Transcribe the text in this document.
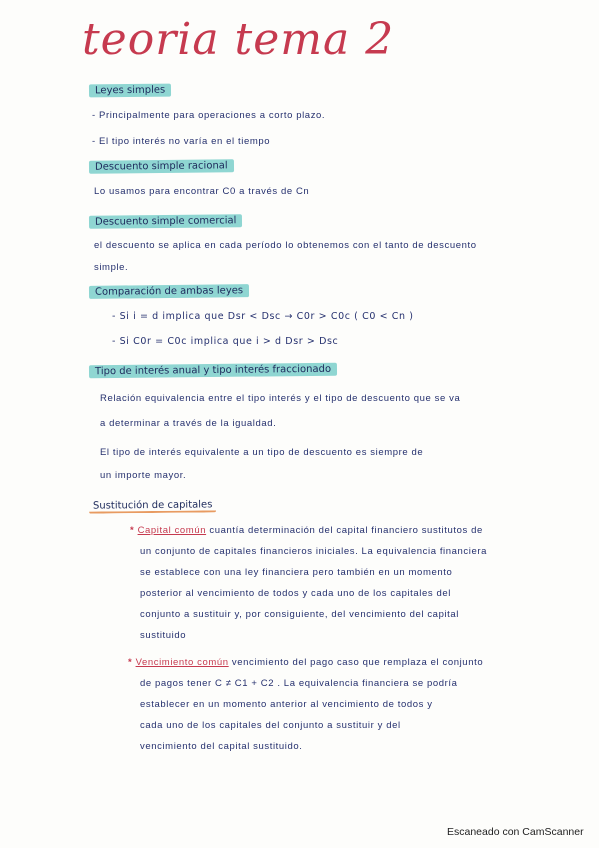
teoria tema 2
Leyes simples
- Principalmente para operaciones a corto plazo.
- El tipo interés no varía en el tiempo
Descuento simple racional
Lo usamos para encontrar C0 a través de Cn
Descuento simple comercial
el descuento se aplica en cada período lo obtenemos con el tanto de descuento
simple.
Comparación de ambas leyes
- Si i = d implica que Dsr < Dsc → C0r > C0c ( C0 < Cn )
- Si C0r = C0c implica que i > d Dsr > Dsc
Tipo de interés anual y tipo interés fraccionado
Relación equivalencia entre el tipo interés y el tipo de descuento que se va
a determinar a través de la igualdad.
El tipo de interés equivalente a un tipo de descuento es siempre de
un importe mayor.
Sustitución de capitales
* Capital común cuantía determinación del capital financiero sustitutos de
un conjunto de capitales financieros iniciales. La equivalencia financiera
se establece con una ley financiera pero también en un momento
posterior al vencimiento de todos y cada uno de los capitales del
conjunto a sustituir y, por consiguiente, del vencimiento del capital
sustituido
* Vencimiento común vencimiento del pago caso que remplaza el conjunto
de pagos tener C ≠ C1 + C2 . La equivalencia financiera se podría
establecer en un momento anterior al vencimiento de todos y
cada uno de los capitales del conjunto a sustituir y del
vencimiento del capital sustituido.
Escaneado con CamScanner
